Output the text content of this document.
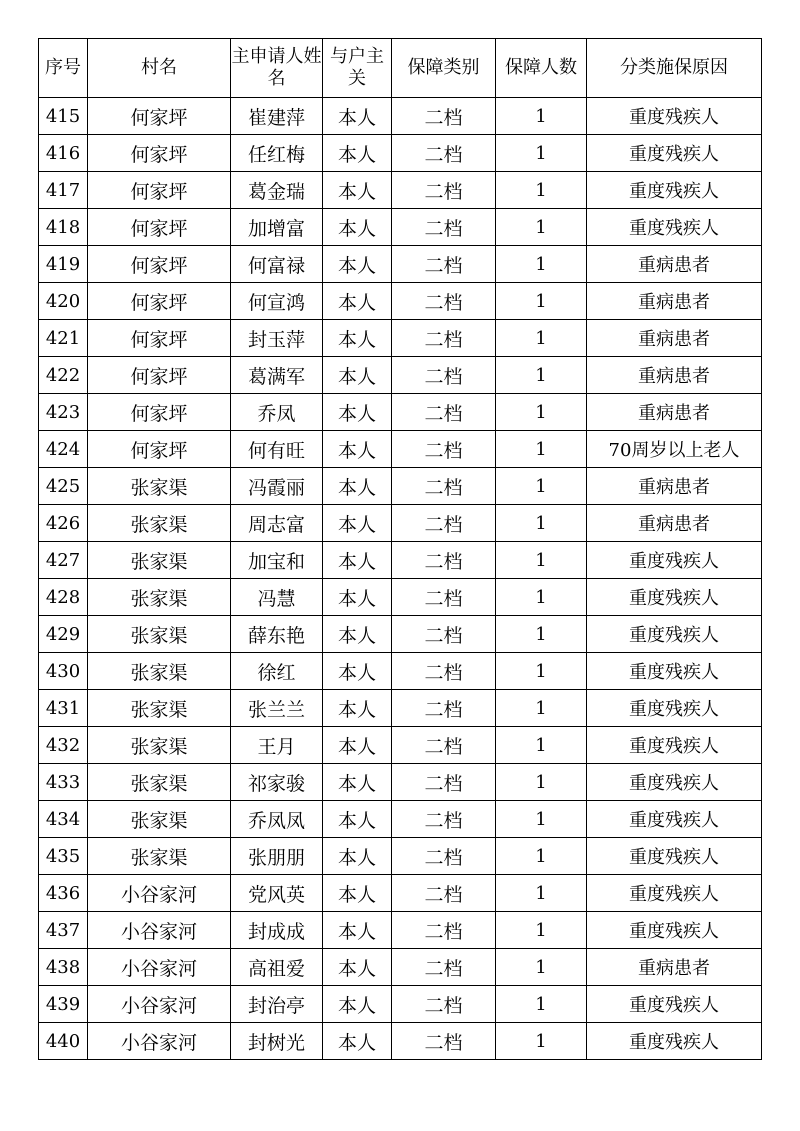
序号	村名	主申请人姓名	与户主关	保障类别	保障人数	分类施保原因
415	何家坪	崔建萍	本人	二档	1	重度残疾人
416	何家坪	任红梅	本人	二档	1	重度残疾人
417	何家坪	葛金瑞	本人	二档	1	重度残疾人
418	何家坪	加增富	本人	二档	1	重度残疾人
419	何家坪	何富禄	本人	二档	1	重病患者
420	何家坪	何宣鸿	本人	二档	1	重病患者
421	何家坪	封玉萍	本人	二档	1	重病患者
422	何家坪	葛满军	本人	二档	1	重病患者
423	何家坪	乔凤	本人	二档	1	重病患者
424	何家坪	何有旺	本人	二档	1	70周岁以上老人
425	张家渠	冯霞丽	本人	二档	1	重病患者
426	张家渠	周志富	本人	二档	1	重病患者
427	张家渠	加宝和	本人	二档	1	重度残疾人
428	张家渠	冯慧	本人	二档	1	重度残疾人
429	张家渠	薛东艳	本人	二档	1	重度残疾人
430	张家渠	徐红	本人	二档	1	重度残疾人
431	张家渠	张兰兰	本人	二档	1	重度残疾人
432	张家渠	王月	本人	二档	1	重度残疾人
433	张家渠	祁家骏	本人	二档	1	重度残疾人
434	张家渠	乔凤凤	本人	二档	1	重度残疾人
435	张家渠	张朋朋	本人	二档	1	重度残疾人
436	小谷家河	党风英	本人	二档	1	重度残疾人
437	小谷家河	封成成	本人	二档	1	重度残疾人
438	小谷家河	高祖爱	本人	二档	1	重病患者
439	小谷家河	封治亭	本人	二档	1	重度残疾人
440	小谷家河	封树光	本人	二档	1	重度残疾人
